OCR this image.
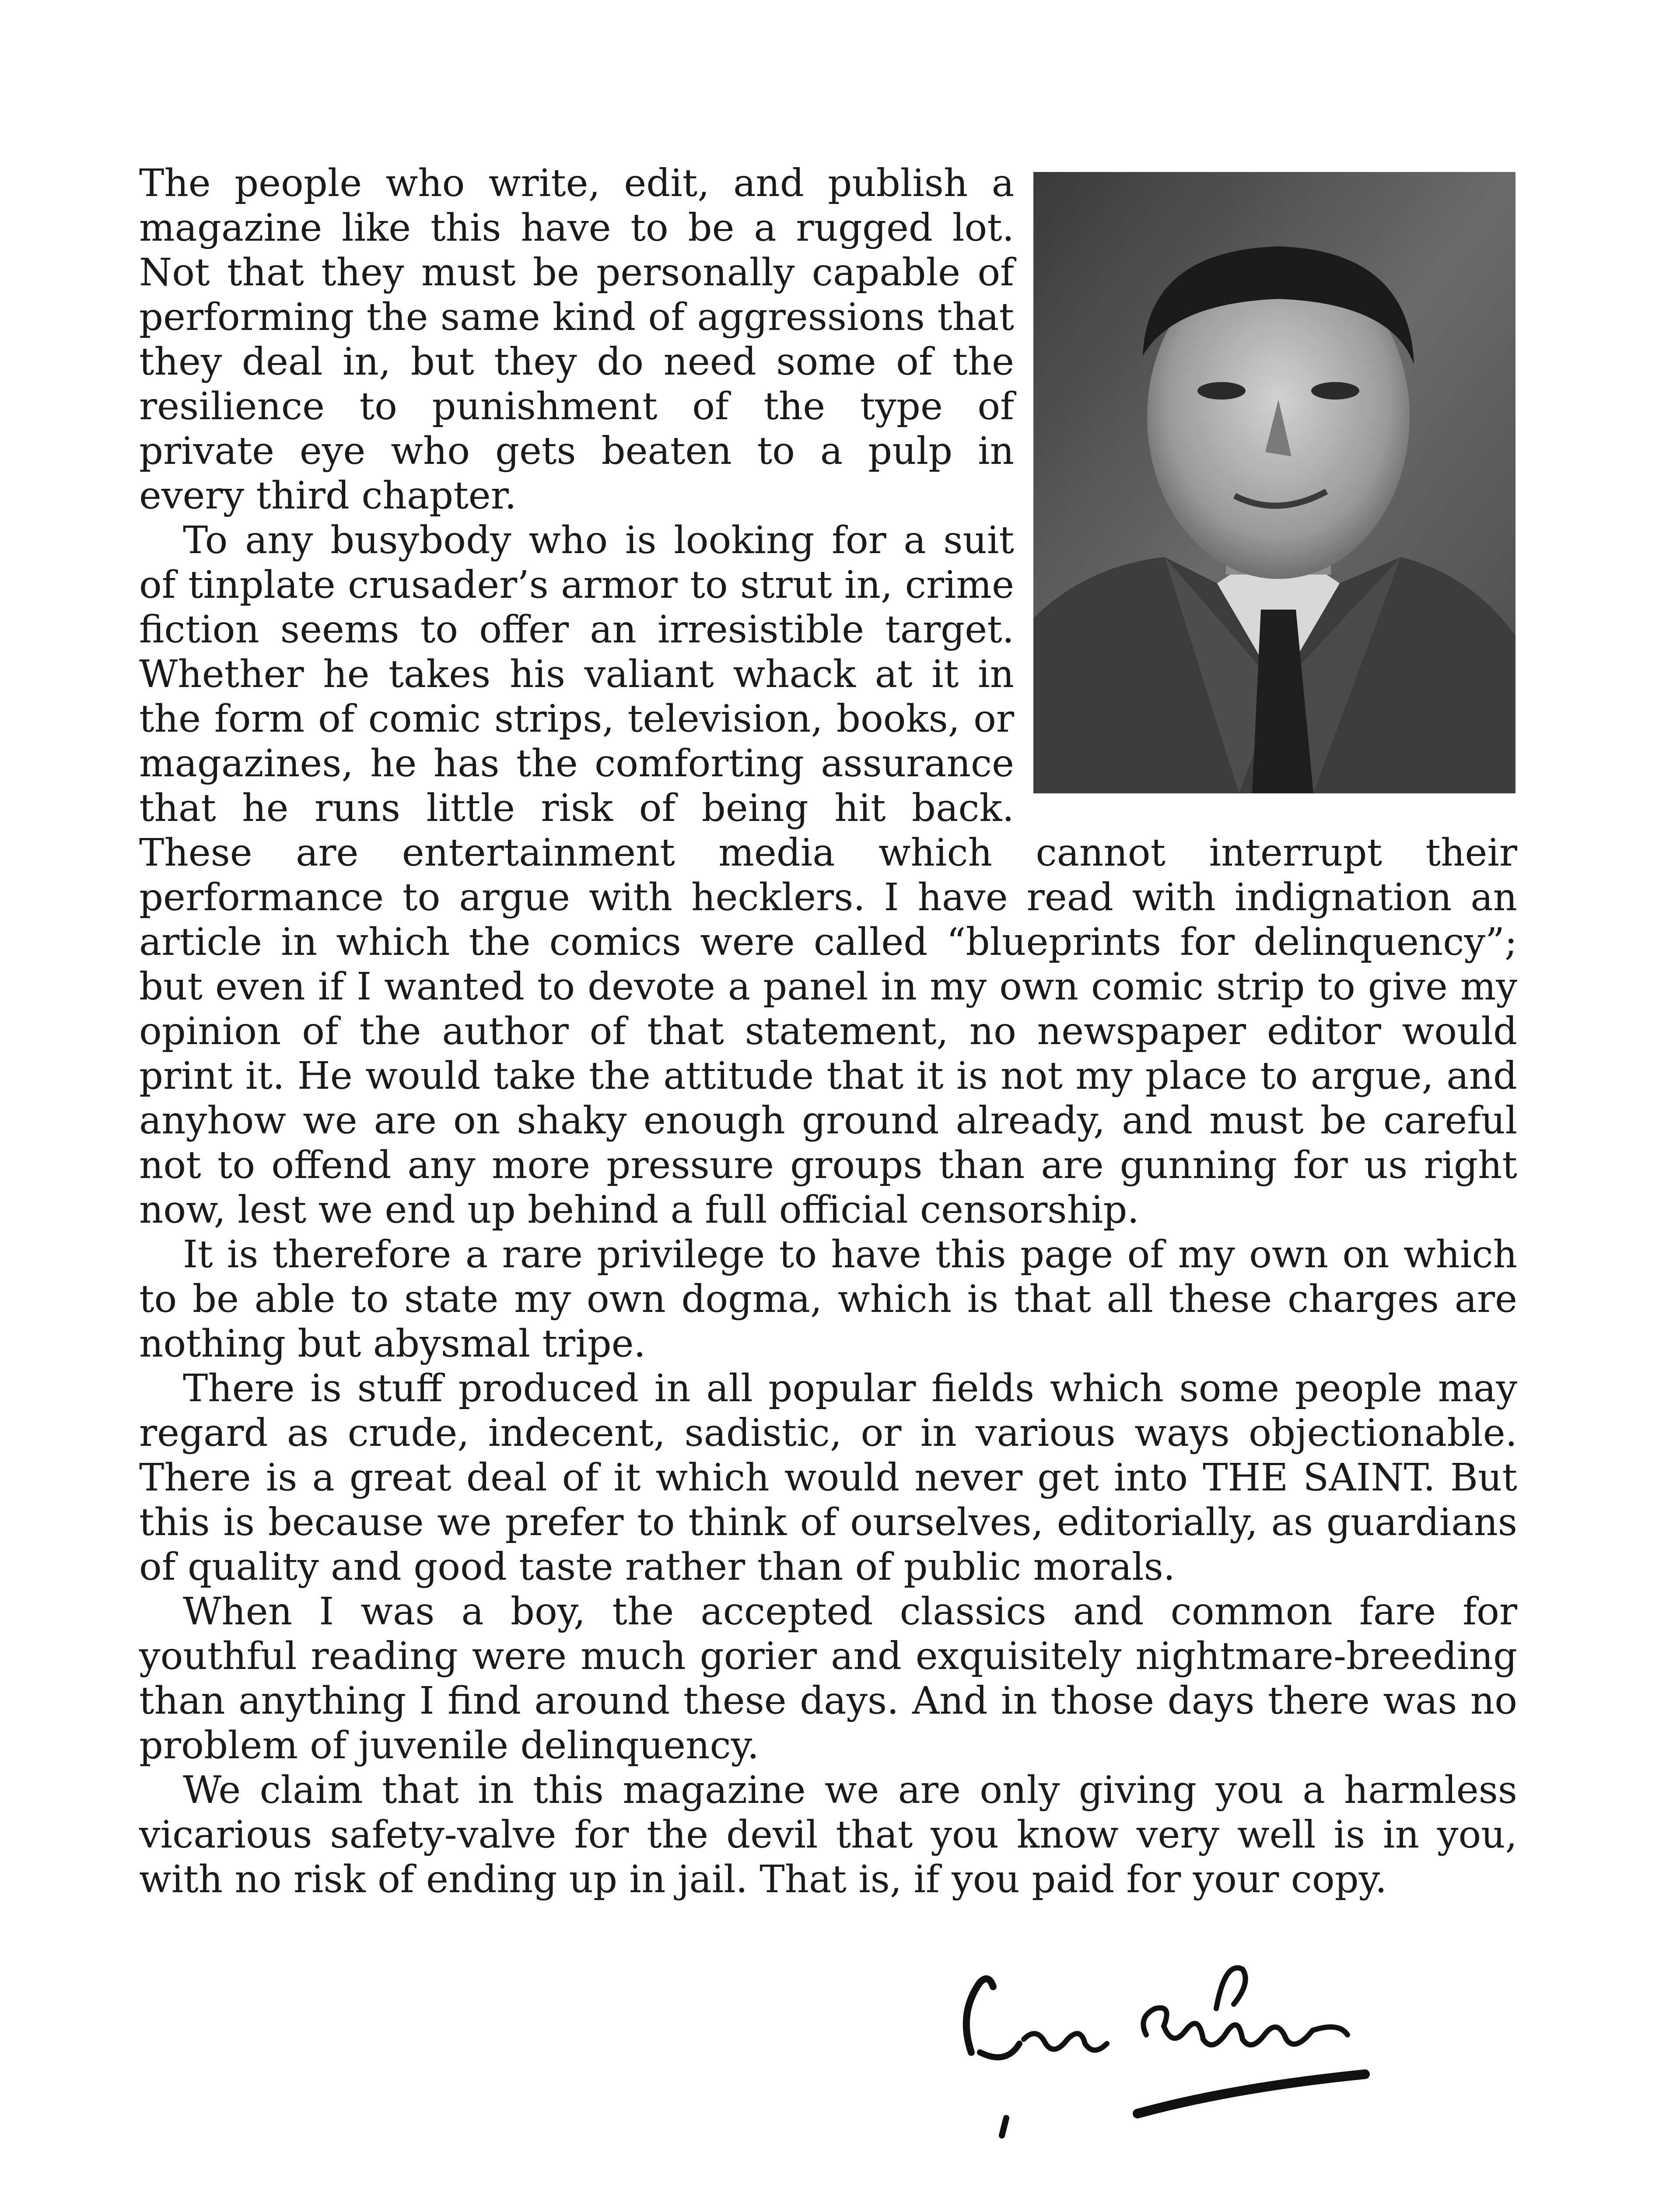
The people who write, edit, and publish a magazine like this have to be a rugged lot. Not that they must be personally capable of performing the same kind of aggressions that they deal in, but they do need some of the resilience to punishment of the type of private eye who gets beaten to a pulp in every third chapter.

To any busybody who is looking for a suit of tinplate crusader’s armor to strut in, crime fiction seems to offer an irresistible target. Whether he takes his valiant whack at it in the form of comic strips, television, books, or magazines, he has the comforting assurance that he runs little risk of being hit back. These are entertainment media which cannot interrupt their performance to argue with hecklers. I have read with indignation an article in which the comics were called “blueprints for delinquency”; but even if I wanted to devote a panel in my own comic strip to give my opinion of the author of that statement, no newspaper editor would print it. He would take the attitude that it is not my place to argue, and anyhow we are on shaky enough ground already, and must be careful not to offend any more pressure groups than are gunning for us right now, lest we end up behind a full official censorship.

It is therefore a rare privilege to have this page of my own on which to be able to state my own dogma, which is that all these charges are nothing but abysmal tripe.

There is stuff produced in all popular fields which some people may regard as crude, indecent, sadistic, or in various ways objectionable. There is a great deal of it which would never get into THE SAINT. But this is because we prefer to think of ourselves, editorially, as guardians of quality and good taste rather than of public morals.

When I was a boy, the accepted classics and common fare for youthful reading were much gorier and exquisitely nightmare-breeding than anything I find around these days. And in those days there was no problem of juvenile delinquency.

We claim that in this magazine we are only giving you a harmless vicarious safety-valve for the devil that you know very well is in you, with no risk of ending up in jail. That is, if you paid for your copy.
